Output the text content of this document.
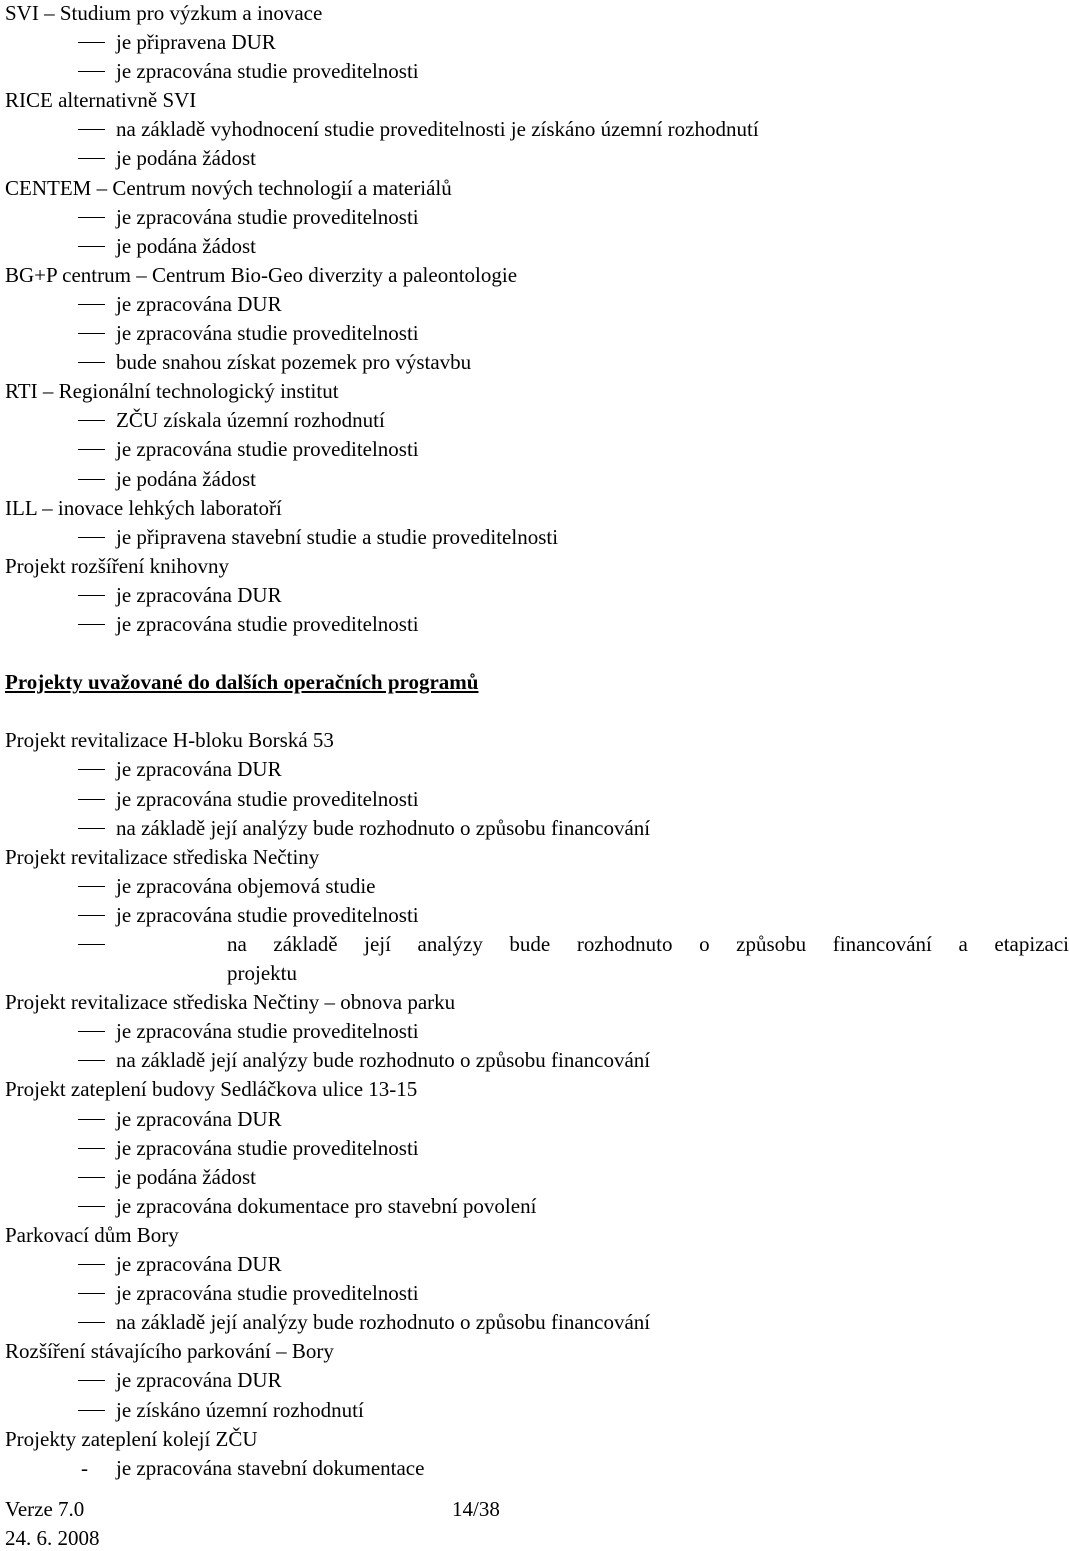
SVI – Studium pro výzkum a inovace
je připravena DUR
je zpracována studie proveditelnosti
RICE alternativně SVI
na základě vyhodnocení studie proveditelnosti je získáno územní rozhodnutí
je podána žádost
CENTEM – Centrum nových technologií a materiálů
je zpracována studie proveditelnosti
je podána žádost
BG+P centrum – Centrum Bio-Geo diverzity a paleontologie
je zpracována DUR
je zpracována studie proveditelnosti
bude snahou získat pozemek pro výstavbu
RTI – Regionální technologický institut
ZČU získala územní rozhodnutí
je zpracována studie proveditelnosti
je podána žádost
ILL – inovace lehkých laboratoří
je připravena stavební studie a studie proveditelnosti
Projekt rozšíření knihovny
je zpracována DUR
je zpracována studie proveditelnosti
Projekty uvažované do dalších operačních programů
Projekt revitalizace H-bloku Borská 53
je zpracována DUR
je zpracována studie proveditelnosti
na základě její analýzy bude rozhodnuto o způsobu financování
Projekt revitalizace střediska Nečtiny
je zpracována objemová studie
je zpracována studie proveditelnosti
na základě její analýzy bude rozhodnuto o způsobu financování a etapizaci
projektu
Projekt revitalizace střediska Nečtiny – obnova parku
je zpracována studie proveditelnosti
na základě její analýzy bude rozhodnuto o způsobu financování
Projekt zateplení budovy Sedláčkova ulice 13-15
je zpracována DUR
je zpracována studie proveditelnosti
je podána žádost
je zpracována dokumentace pro stavební povolení
Parkovací dům Bory
je zpracována DUR
je zpracována studie proveditelnosti
na základě její analýzy bude rozhodnuto o způsobu financování
Rozšíření stávajícího parkování – Bory
je zpracována DUR
je získáno územní rozhodnutí
Projekty zateplení kolejí ZČU
-	je zpracována stavební dokumentace
Verze 7.0	14/38
24. 6. 2008
